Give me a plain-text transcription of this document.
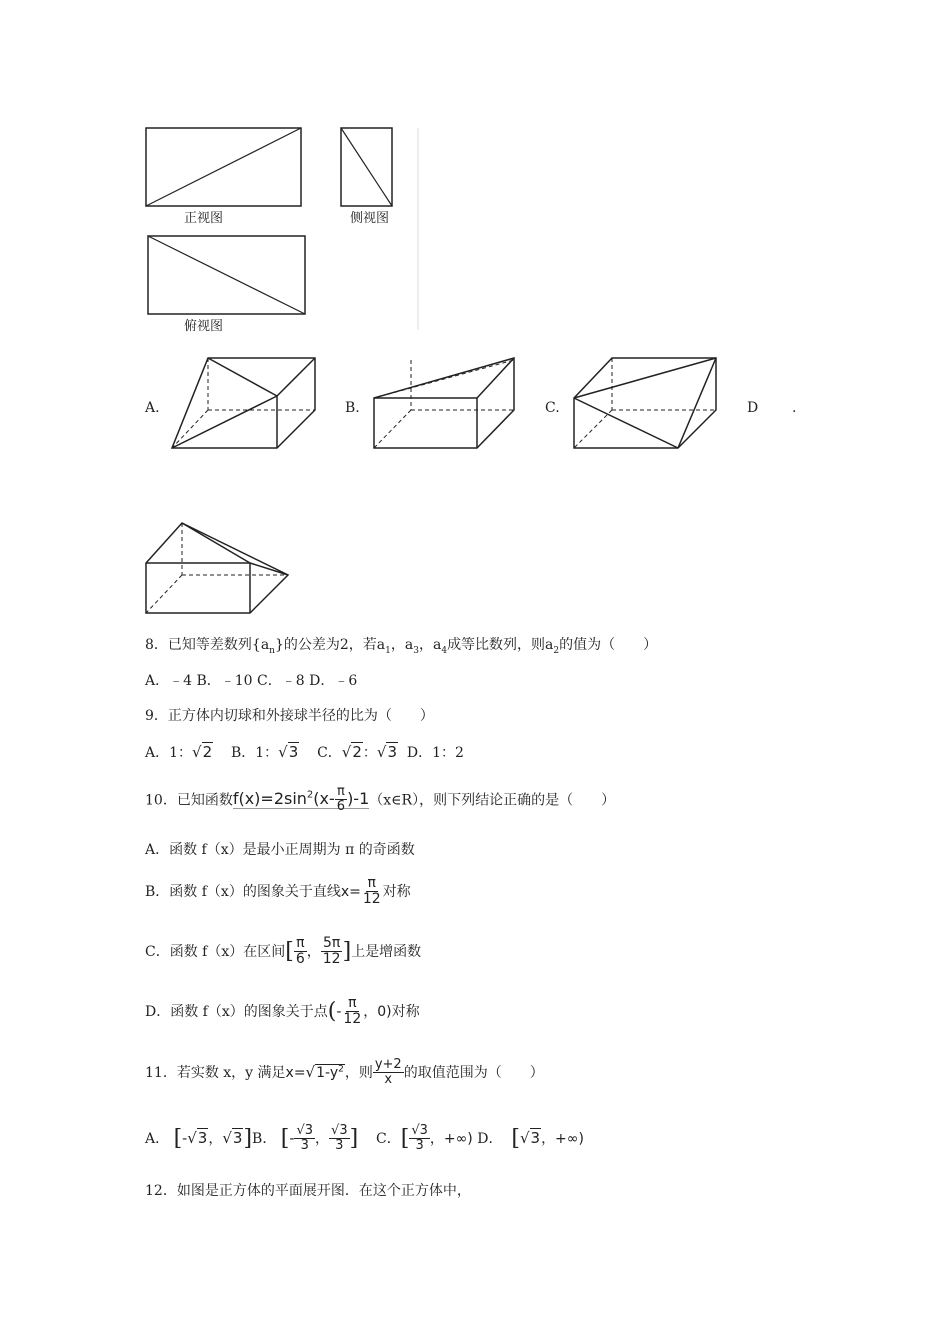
正视图	侧视图
俯视图
A.	B.	C.	D .
8．已知等差数列$\{a_n\}$的公差为2，若$a_1$，$a_3$，$a_4$成等比数列，则$a_2$的值为（　　）
A．﹣4 B．﹣10 C．﹣8 D．﹣6
9．正方体内切球和外接球半径的比为（　　）
A．1：√2 B．1：√3 C．√2：√3 D．1：2
10．已知函数$f(x)=2\sin^2(x- \frac{\pi}{6}$ )-1（x∈R），则下列结论正确的是（　　）
A．函数 f（x）是最小正周期为 π 的奇函数
B．函数 f（x）的图象关于直线$x= \frac{\pi}{12}$ 对称
C．函数 f（x）在区间[ $\frac{\pi}{6}$ ， $\frac{5\pi}{12}$ ]上是增函数
D．函数 f（x）的图象关于点(- $\frac{\pi}{12}$ ，0)对称
11．若实数 x，y 满足$x=√1-y^2$，则 $\frac{y+2}{x}$ 的取值范围为（　　）
A． [-√3，√3]B． [- $\frac{√3}{3}$ ， $\frac{√3}{3}$ ] C．[ $\frac{√3}{3}$ ，+∞) D． [√3，+∞)
12．如图是正方体的平面展开图．在这个正方体中，
